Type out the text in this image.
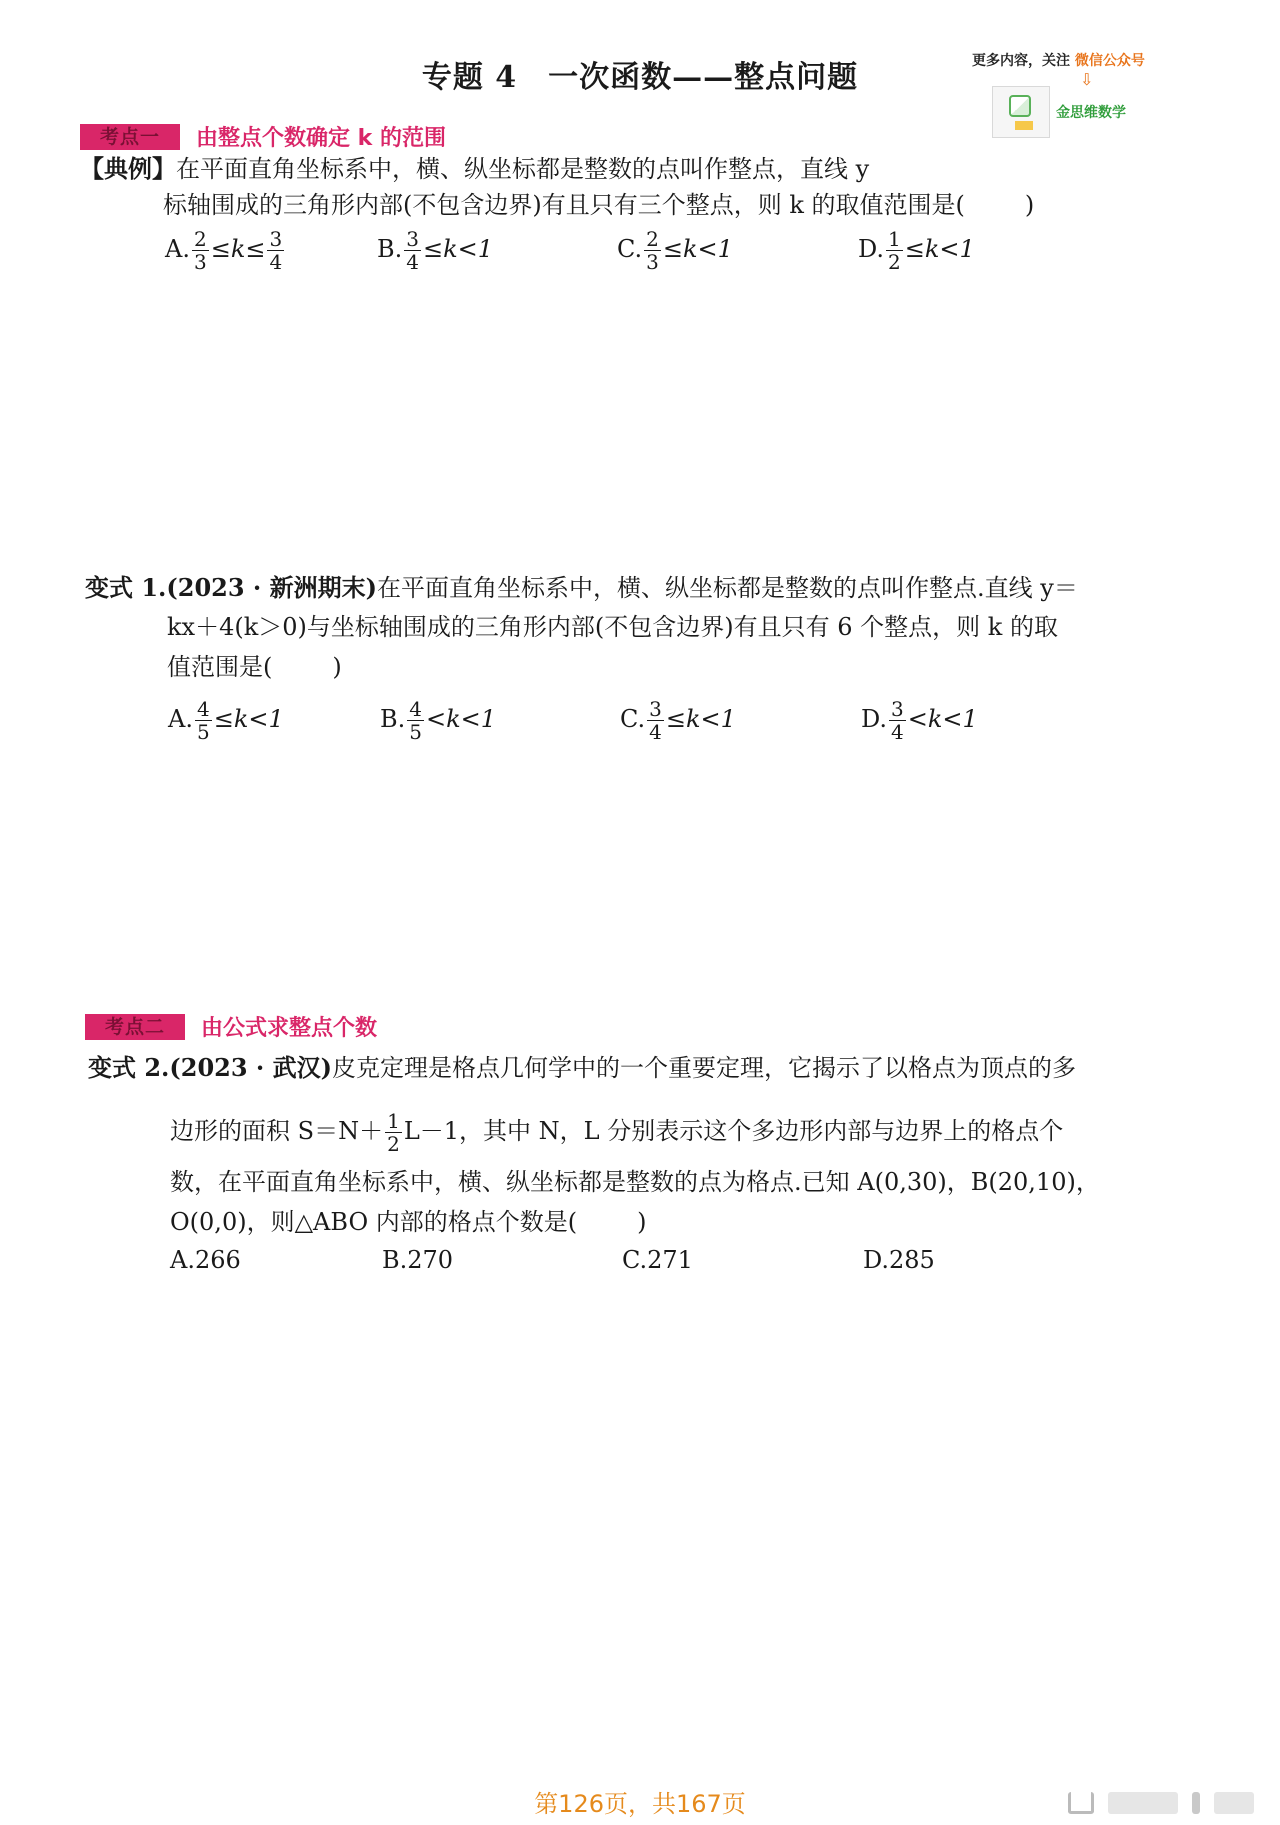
专题 4　一次函数——整点问题	更多内容，关注 微信公众号
⇩
金思维数学
考点一 由整点个数确定 k 的范围
【典例】在平面直角坐标系中，横、纵坐标都是整数的点叫作整点，直线 y
标轴围成的三角形内部(不包含边界)有且只有三个整点，则 k 的取值范围是(	)
A. $\frac{2}{3} \le k\le \frac{3}{4}$	B. $\frac{3}{4} \le k<1$	C. $\frac{2}{3} \le k<1$	D. $\frac{1}{2} \le k<1$
变式 1.(2023 · 新洲期末)在平面直角坐标系中，横、纵坐标都是整数的点叫作整点.直线 y＝
kx＋4(k＞0)与坐标轴围成的三角形内部(不包含边界)有且只有 6 个整点，则 k 的取
值范围是(	)
A. $\frac{4}{5} \le k<1$	B. $\frac{4}{5} <k<1$	C. $\frac{3}{4} \le k<1$	D. $\frac{3}{4} <k<1$
考点二 由公式求整点个数
变式 2.(2023 · 武汉)皮克定理是格点几何学中的一个重要定理，它揭示了以格点为顶点的多
边形的面积 $S=N+ \frac{1}{2} L-1$，其中 N，L 分别表示这个多边形内部与边界上的格点个
数，在平面直角坐标系中，横、纵坐标都是整数的点为格点.已知 A(0,30)，B(20,10)，
O(0,0)，则△ABO 内部的格点个数是(	)
A.266	B.270	C.271	D.285
第126页，共167页
